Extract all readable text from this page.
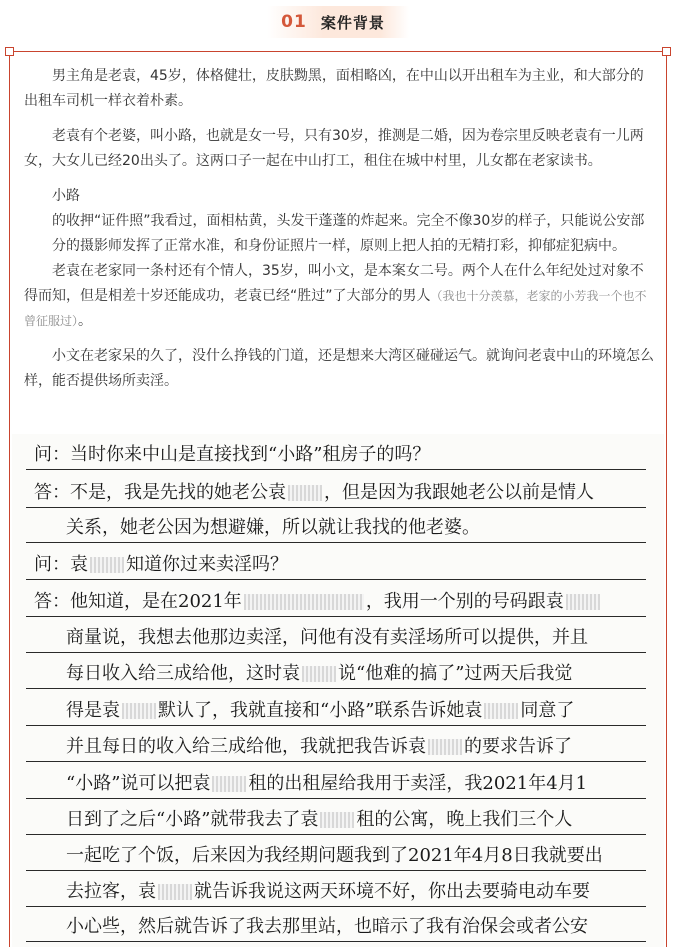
01 案件背景

男主角是老袁，45岁，体格健壮，皮肤黝黑，面相略凶，在中山以开出租车为主业，和大部分的出租车司机一样衣着朴素。

老袁有个老婆，叫小路，也就是女一号，只有30岁，推测是二婚，因为卷宗里反映老袁有一儿两女，大女儿已经20出头了。这两口子一起在中山打工，租住在城中村里，儿女都在老家读书。

小路

的收押“证件照”我看过，面相枯黄，头发干蓬蓬的炸起来。完全不像30岁的样子，只能说公安部分的摄影师发挥了正常水准，和身份证照片一样，原则上把人拍的无精打彩，抑郁症犯病中。

老袁在老家同一条村还有个情人，35岁，叫小文，是本案女二号。两个人在什么年纪处过对象不得而知，但是相差十岁还能成功，老袁已经“胜过”了大部分的男人（我也十分羡慕，老家的小芳我一个也不曾征服过）。

小文在老家呆的久了，没什么挣钱的门道，还是想来大湾区碰碰运气。就询问老袁中山的环境怎么样，能否提供场所卖淫。

问：当时你来中山是直接找到“小路”租房子的吗？
答：不是，我是先找的她老公袁 ，但是因为我跟她老公以前是情人
关系，她老公因为想避嫌，所以就让我找的他老婆。
问：袁 知道你过来卖淫吗？
答：他知道，是在2021年	，我用一个别的号码跟袁
商量说，我想去他那边卖淫，问他有没有卖淫场所可以提供，并且
每日收入给三成给他，这时袁 说“他难的搞了”过两天后我觉
得是袁 默认了，我就直接和“小路”联系告诉她袁 同意了
并且每日的收入给三成给他，我就把我告诉袁 的要求告诉了
“小路”说可以把袁 租的出租屋给我用于卖淫，我2021年4月1
日到了之后“小路”就带我去了袁 租的公寓，晚上我们三个人
一起吃了个饭，后来因为我经期问题我到了2021年4月8日我就要出
去拉客，袁 就告诉我说这两天环境不好，你出去要骑电动车要
小心些，然后就告诉了我去那里站，也暗示了我有治保会或者公安
